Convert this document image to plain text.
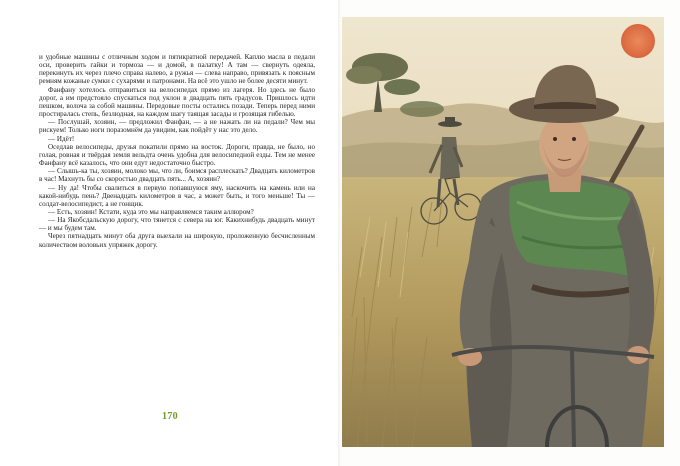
и удобные машины с отличным ходом и пятикратной передачей. Каплю масла в педали оси, проверить гайки и тормоза — и домой, в палатку! А там — свернуть одеяла, перекинуть их через плечо справа налево, а ружья — слева направо, привязать к поясным ремням кожаные сумки с сухарями и патронами. На всё это ушло не более десяти минут.

Фанфану хотелось отправиться на велосипедах прямо из лагеря. Но здесь не было дорог, а им предстояло спускаться под уклон в двадцать пять градусов. Пришлось идти пешком, волоча за собой машины. Передовые посты остались позади. Теперь перед ними простиралась степь, безлюдная, на каждом шагу таящая засады и грозящая гибелью.

— Послушай, хозяин, — предложил Фанфан, — а не нажать ли на педали? Чем мы рискуем! Только ноги поразомнём да увидим, как пойдёт у нас это дело.

— Идёт!

Оседлав велосипеды, друзья покатили прямо на восток. Дороги, правда, не было, но голая, ровная и твёрдая земля вельдта очень удобна для велосипедной езды. Тем не менее Фанфану всё казалось, что они едут недостаточно быстро.

— Слышь-ка ты, хозяин, молоко мы, что ли, боимся расплескать? Двадцать километров в час! Махнуть бы со скоростью двадцать пять... А, хозяин?

— Ну да! Чтобы свалиться в первую попавшуюся яму, наскочить на камень или на какой-нибудь пень? Двенадцать километров в час, а может быть, и того меньше! Ты — солдат-велосипедист, а не гонщик.

— Есть, хозяин! Кстати, куда это мы направляемся таким аллюром?

— На Якобсдальскую дорогу, что тянется с севера на юг. Какихнибудь двадцать минут — и мы будем там.

Через пятнадцать минут оба друга выехали на широкую, проложенную бесчисленным количеством воловьих упряжек дорогу.

170
